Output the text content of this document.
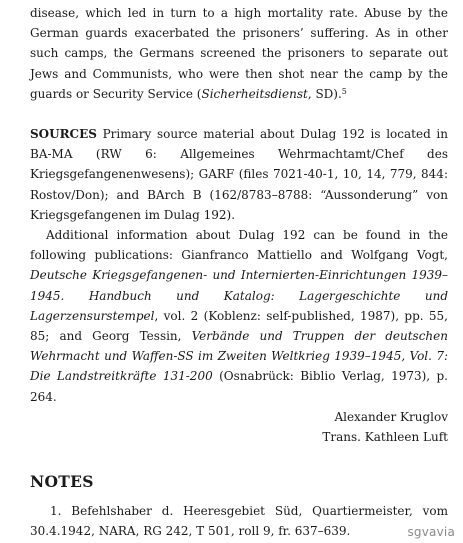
disease, which led in turn to a high mortality rate. Abuse by the German guards exacerbated the prisoners’ suffering. As in other such camps, the Germans screened the prisoners to separate out Jews and Communists, who were then shot near the camp by the guards or Security Service (Sicherheitsdienst, SD).$^5$

SOURCES Primary source material about Dulag 192 is located in BA-MA (RW 6: Allgemeines Wehrmachtamt/Chef des Kriegsgefangenenwesens); GARF (files 7021-40-1, 10, 14, 779, 844: Rostov/Don); and BArch B (162/8783–8788: “Aussonderung” von Kriegsgefangenen im Dulag 192).

Additional information about Dulag 192 can be found in the following publications: Gianfranco Mattiello and Wolfgang Vogt, Deutsche Kriegsgefangenen- und Internierten-Einrichtungen 1939–1945. Handbuch und Katalog: Lagergeschichte und Lagerzensurstempel, vol. 2 (Koblenz: self-published, 1987), pp. 55, 85; and Georg Tessin, Verbände und Truppen der deutschen Wehrmacht und Waffen-SS im Zweiten Weltkrieg 1939–1945, Vol. 7: Die Landstreitkräfte 131-200 (Osnabrück: Biblio Verlag, 1973), p. 264.

Alexander Kruglov

Trans. Kathleen Luft

NOTES

1. Befehlshaber d. Heeresgebiet Süd, Quartiermeister, vom 30.4.1942, NARA, RG 242, T 501, roll 9, fr. 637–639.	sgvavia
